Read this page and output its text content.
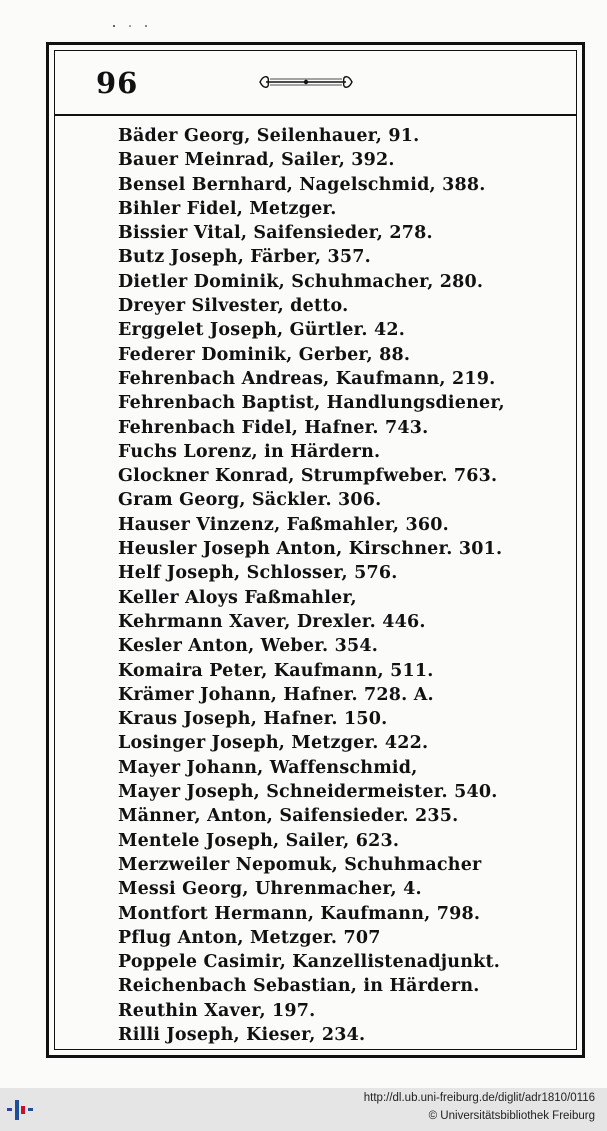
96
Bäder Georg, Seilenhauer, 91.
Bauer Meinrad, Sailer, 392.
Bensel Bernhard, Nagelschmid, 388.
Bihler Fidel, Metzger.
Bissier Vital, Saifensieder, 278.
Butz Joseph, Färber, 357.
Dietler Dominik, Schuhmacher, 280.
Dreyer Silvester, detto.
Erggelet Joseph, Gürtler. 42.
Federer Dominik, Gerber, 88.
Fehrenbach Andreas, Kaufmann, 219.
Fehrenbach Baptist, Handlungsdiener,
Fehrenbach Fidel, Hafner. 743.
Fuchs Lorenz, in Härdern.
Glockner Konrad, Strumpfweber. 763.
Gram Georg, Säckler. 306.
Hauser Vinzenz, Faßmahler, 360.
Heusler Joseph Anton, Kirschner. 301.
Helf Joseph, Schlosser, 576.
Keller Aloys Faßmahler,
Kehrmann Xaver, Drexler. 446.
Kesler Anton, Weber. 354.
Komaira Peter, Kaufmann, 511.
Krämer Johann, Hafner. 728. A.
Kraus Joseph, Hafner. 150.
Losinger Joseph, Metzger. 422.
Mayer Johann, Waffenschmid,
Mayer Joseph, Schneidermeister. 540.
Männer, Anton, Saifensieder. 235.
Mentele Joseph, Sailer, 623.
Merzweiler Nepomuk, Schuhmacher
Messi Georg, Uhrenmacher, 4.
Montfort Hermann, Kaufmann, 798.
Pflug Anton, Metzger. 707
Poppele Casimir, Kanzellistenadjunkt.
Reichenbach Sebastian, in Härdern.
Reuthin Xaver, 197.
Rilli Joseph, Kieser, 234.
http://dl.ub.uni-freiburg.de/diglit/adr1810/0116
© Universitätsbibliothek Freiburg
